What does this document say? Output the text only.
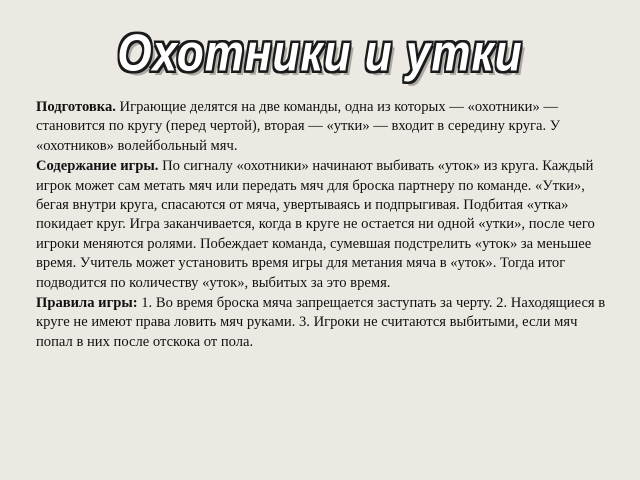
Охотники и утки

Подготовка. Играющие делятся на две команды, одна из которых — «охотники» — становится по кругу (перед чертой), вторая — «утки» — входит в середину круга. У «охотников» волейбольный мяч.

Содержание игры. По сигналу «охотники» начинают выбивать «уток» из круга. Каждый игрок может сам метать мяч или передать мяч для броска партнеру по команде. «Утки», бегая внутри круга, спасаются от мяча, увертываясь и подпрыгивая. Подбитая «утка» покидает круг. Игра заканчивается, когда в круге не остается ни одной «утки», после чего игроки меняются ролями. Побеждает команда, сумевшая подстрелить «уток» за меньшее время. Учитель может установить время игры для метания мяча в «уток». Тогда итог подводится по количеству «уток», выбитых за это время.

Правила игры: 1. Во время броска мяча запрещается заступать за черту. 2. Находящиеся в круге не имеют права ловить мяч руками. 3. Игроки не считаются выбитыми, если мяч попал в них после отскока от пола.
